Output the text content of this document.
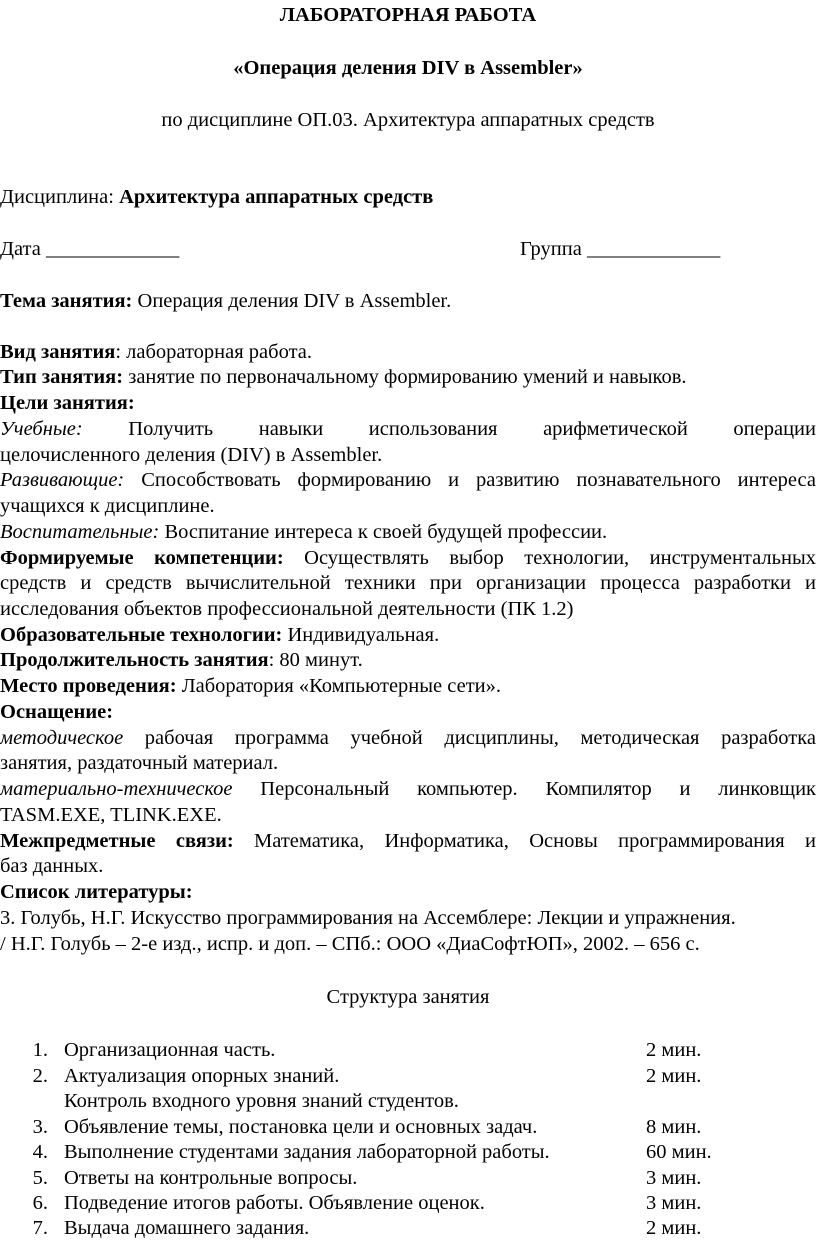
ЛАБОРАТОРНАЯ РАБОТА
«Операция деления DIV в Assembler»
по дисциплине ОП.03. Архитектура аппаратных средств
Дисциплина: Архитектура аппаратных средств
Дата _____________	Группа _____________
Тема занятия: Операция деления DIV в Assembler.
Вид занятия: лабораторная работа.
Тип занятия: занятие по первоначальному формированию умений и навыков.
Цели занятия:
Учебные: Получить навыки использования арифметической операции
целочисленного деления (DIV) в Assembler.
Развивающие: Способствовать формированию и развитию познавательного интереса
учащихся к дисциплине.
Воспитательные: Воспитание интереса к своей будущей профессии.
Формируемые компетенции: Осуществлять выбор технологии, инструментальных
средств и средств вычислительной техники при организации процесса разработки и
исследования объектов профессиональной деятельности (ПК 1.2)
Образовательные технологии: Индивидуальная.
Продолжительность занятия: 80 минут.
Место проведения: Лаборатория «Компьютерные сети».
Оснащение:
методическое рабочая программа учебной дисциплины, методическая разработка
занятия, раздаточный материал.
материально-техническое Персональный компьютер. Компилятор и линковщик
TASM.EXE, TLINK.EXE.
Межпредметные связи: Математика, Информатика, Основы программирования и
баз данных.
Список литературы:
3. Голубь, Н.Г. Искусство программирования на Ассемблере: Лекции и упражнения.
/ Н.Г. Голубь – 2-е изд., испр. и доп. – СПб.: ООО «ДиаСофтЮП», 2002. – 656 с.
Структура занятия
1. Организационная часть.	2 мин.
2. Актуализация опорных знаний.	2 мин.
Контроль входного уровня знаний студентов.
3. Объявление темы, постановка цели и основных задач.	8 мин.
4. Выполнение студентами задания лабораторной работы.	60 мин.
5. Ответы на контрольные вопросы.	3 мин.
6. Подведение итогов работы. Объявление оценок.	3 мин.
7. Выдача домашнего задания.	2 мин.
